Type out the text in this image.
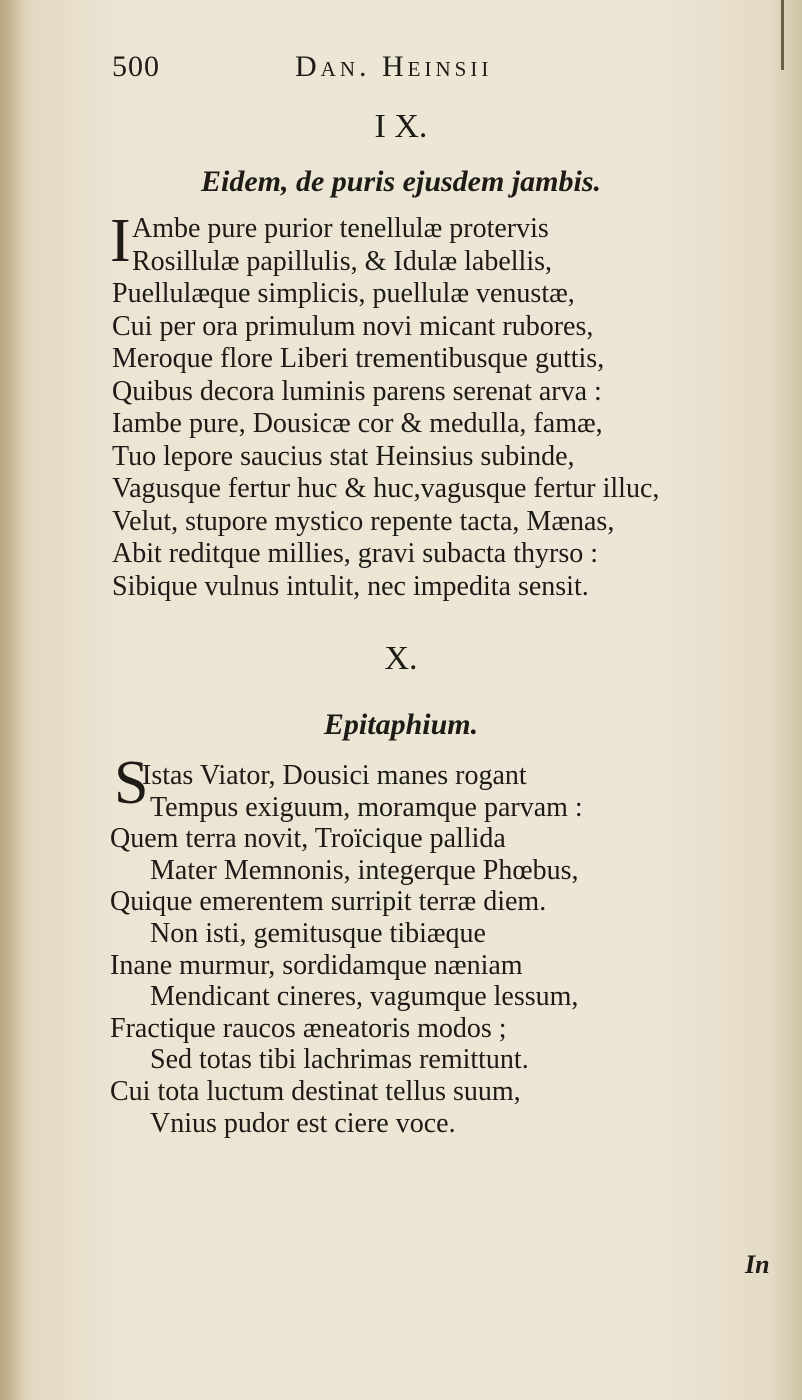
500	Dan. Heinsii
I X.
Eidem, de puris ejusdem jambis.
I Ambe pure purior tenellulæ protervis
Rosillulæ papillulis, & Idulæ labellis,
Puellulæque simplicis, puellulæ venustæ,
Cui per ora primulum novi micant rubores,
Meroque flore Liberi trementibusque guttis,
Quibus decora luminis parens serenat arva :
Iambe pure, Dousicæ cor & medulla, famæ,
Tuo lepore saucius stat Heinsius subinde,
Vagusque fertur huc & huc,vagusque fertur illuc,
Velut, stupore mystico repente tacta, Mænas,
Abit reditque millies, gravi subacta thyrso :
Sibique vulnus intulit, nec impedita sensit.
X.
Epitaphium.
S
Istas Viator, Dousici manes rogant
Tempus exiguum, moramque parvam :
Quem terra novit, Troïcique pallida
Mater Memnonis, integerque Phœbus,
Quique emerentem surripit terræ diem.
Non isti, gemitusque tibiæque
Inane murmur, sordidamque næniam
Mendicant cineres, vagumque lessum,
Fractique raucos æneatoris modos ;
Sed totas tibi lachrimas remittunt.
Cui tota luctum destinat tellus suum,
Vnius pudor est ciere voce.
In
